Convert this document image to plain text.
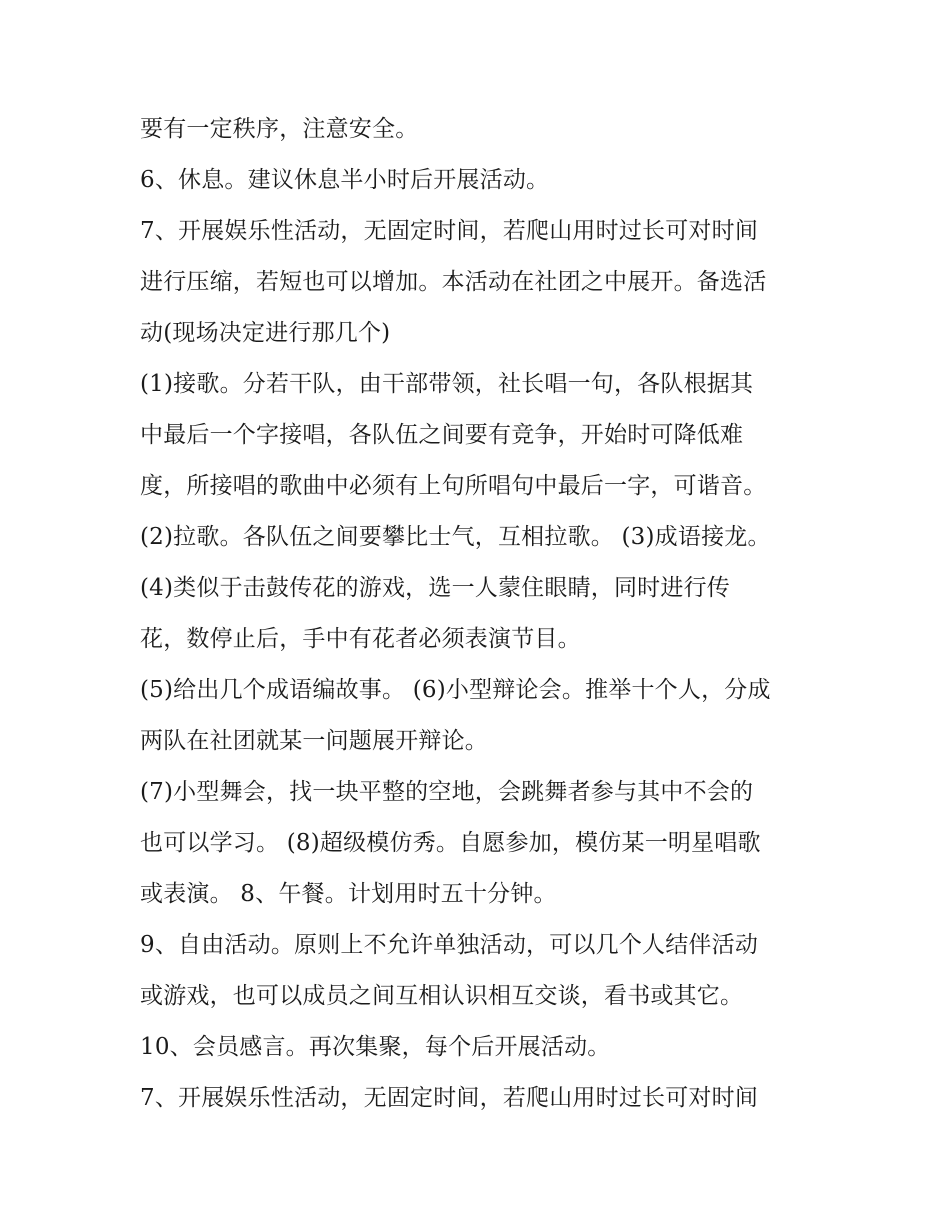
要有一定秩序，注意安全。
6、休息。建议休息半小时后开展活动。
7、开展娱乐性活动，无固定时间，若爬山用时过长可对时间
进行压缩，若短也可以增加。本活动在社团之中展开。备选活
动(现场决定进行那几个)
(1)接歌。分若干队，由干部带领，社长唱一句，各队根据其
中最后一个字接唱，各队伍之间要有竞争，开始时可降低难
度，所接唱的歌曲中必须有上句所唱句中最后一字，可谐音。
(2)拉歌。各队伍之间要攀比士气，互相拉歌。 (3)成语接龙。
(4)类似于击鼓传花的游戏，选一人蒙住眼睛，同时进行传
花，数停止后，手中有花者必须表演节目。
(5)给出几个成语编故事。 (6)小型辩论会。推举十个人，分成
两队在社团就某一问题展开辩论。
(7)小型舞会，找一块平整的空地，会跳舞者参与其中不会的
也可以学习。 (8)超级模仿秀。自愿参加，模仿某一明星唱歌
或表演。 8、午餐。计划用时五十分钟。
9、自由活动。原则上不允许单独活动，可以几个人结伴活动
或游戏，也可以成员之间互相认识相互交谈，看书或其它。
10、会员感言。再次集聚，每个后开展活动。
7、开展娱乐性活动，无固定时间，若爬山用时过长可对时间
